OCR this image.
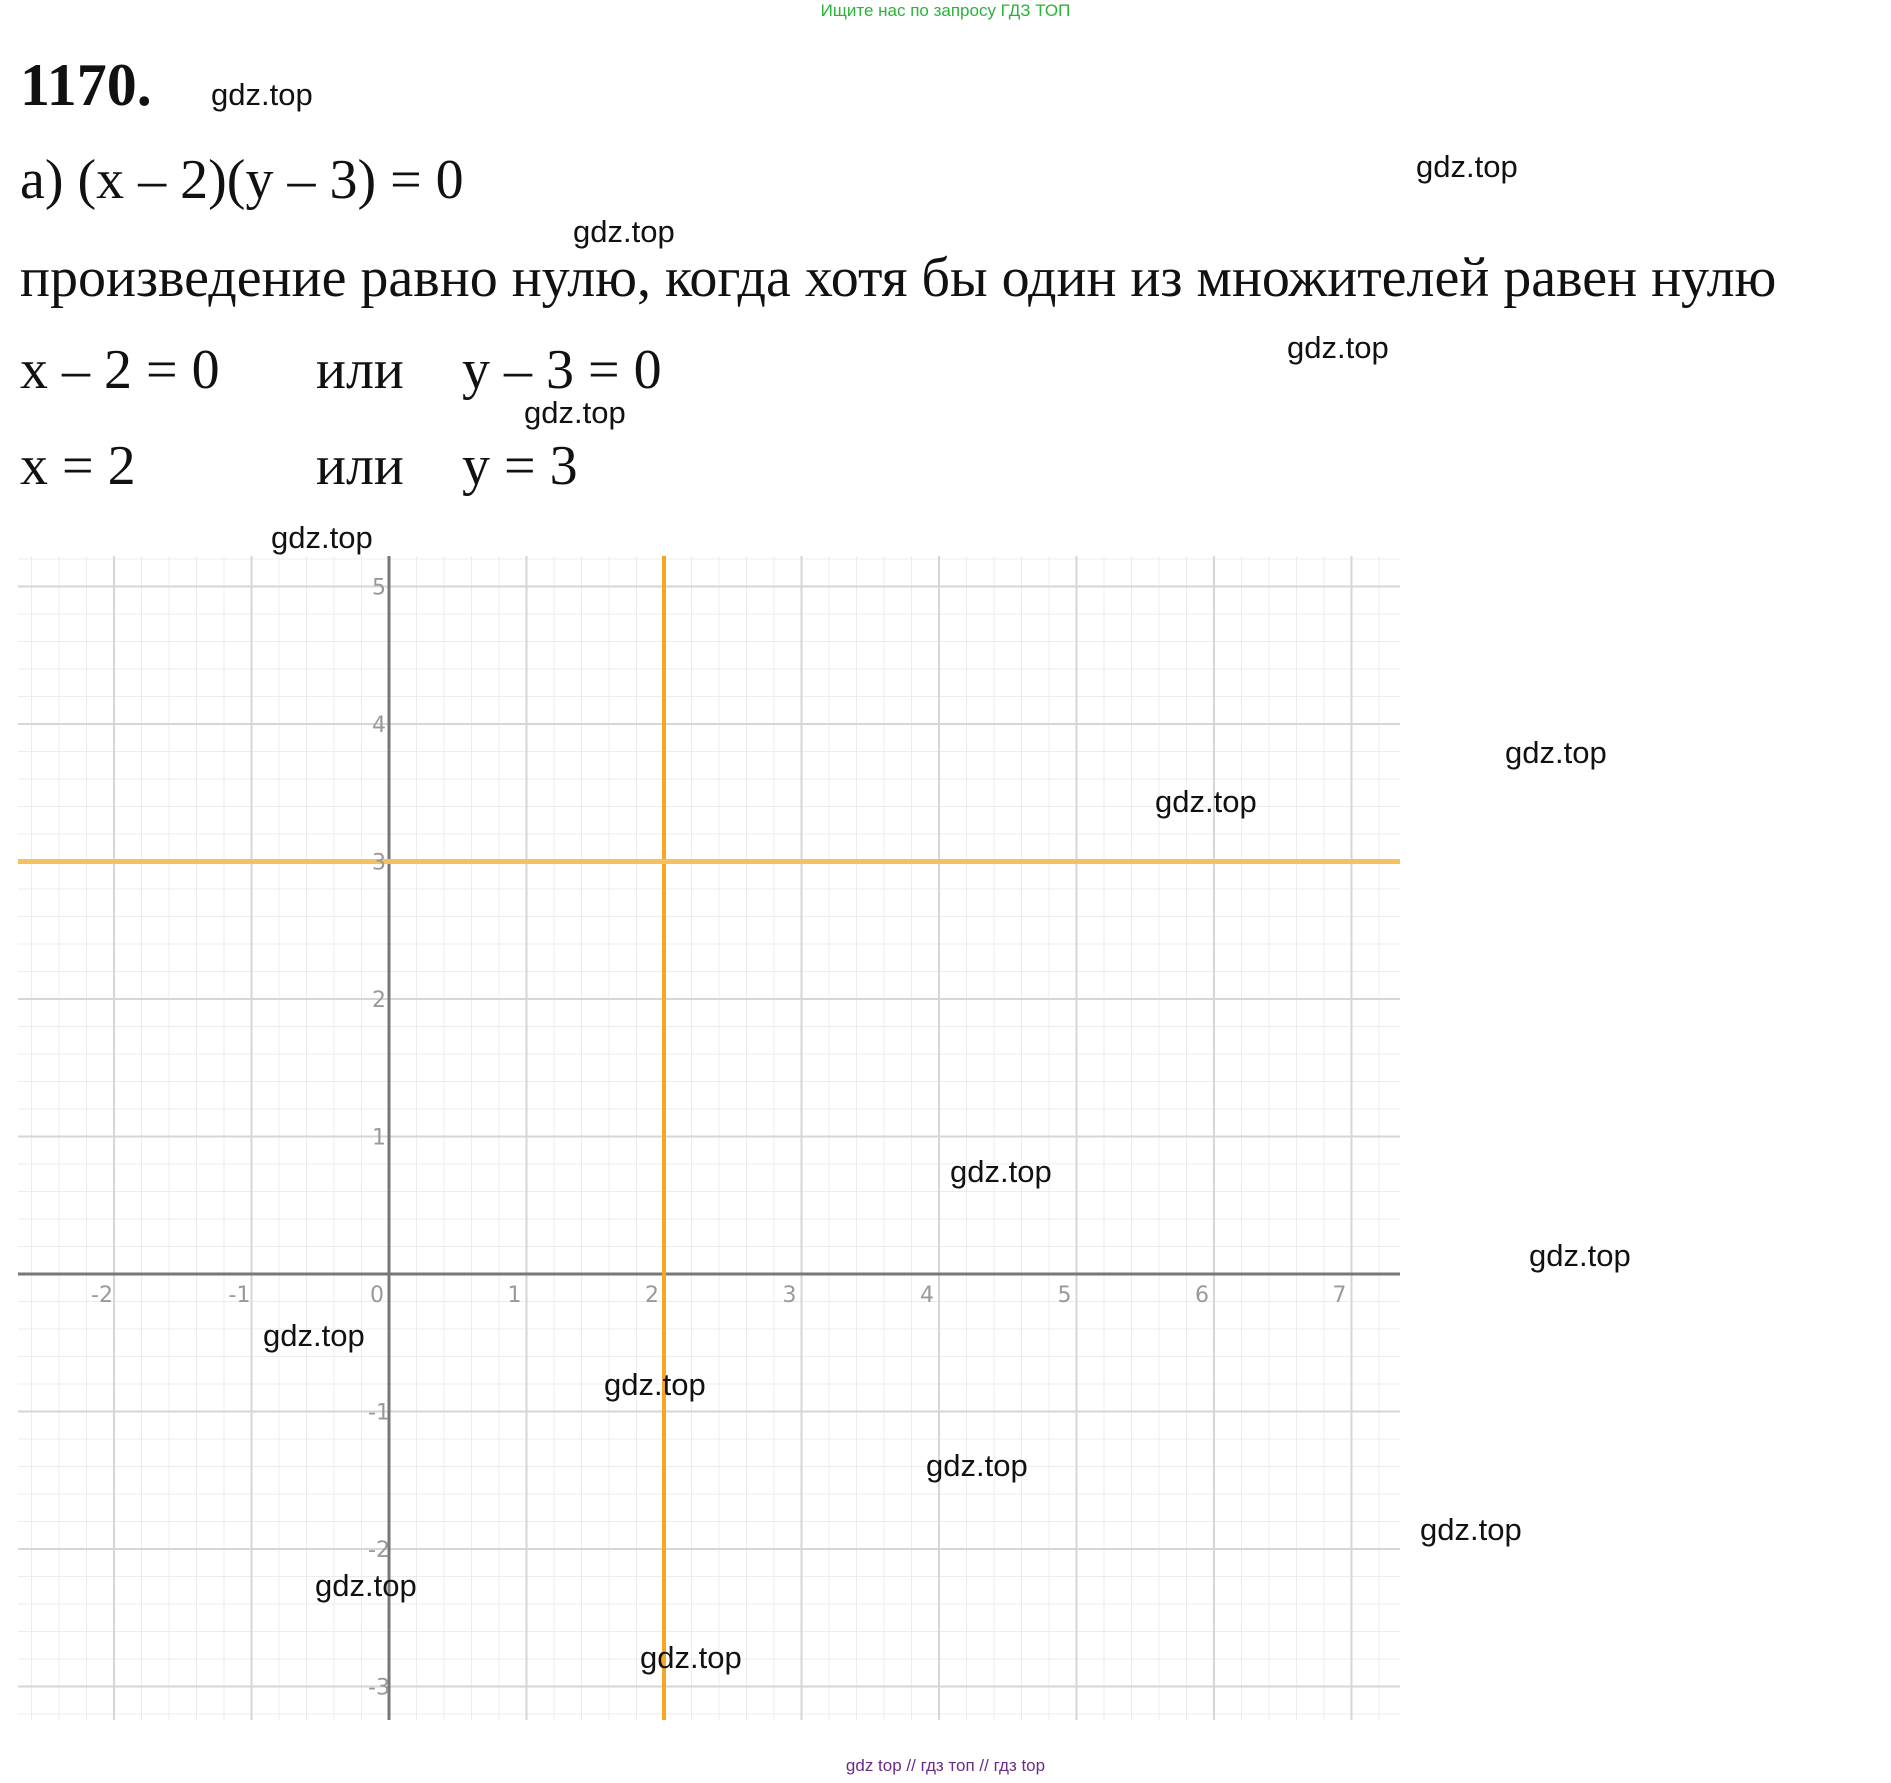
Ищите нас по запросу ГДЗ ТОП
1170.
а) (x – 2)(y – 3) = 0
произведение равно нулю, когда хотя бы один из множителей равен нулю
x – 2 = 0 или y – 3 = 0
x = 2	или y = 3
-2	-1	0	1	2	3	4	5	6	7
-3
-2
-1
1
2
3
4
5
gdz.top
gdz.top
gdz.top
gdz.top
gdz.top
gdz.top
gdz.top
gdz.top
gdz.top
gdz.top
gdz.top
gdz.top
gdz.top
gdz.top
gdz.top
gdz.top
gdz top // гдз топ // гдз top
